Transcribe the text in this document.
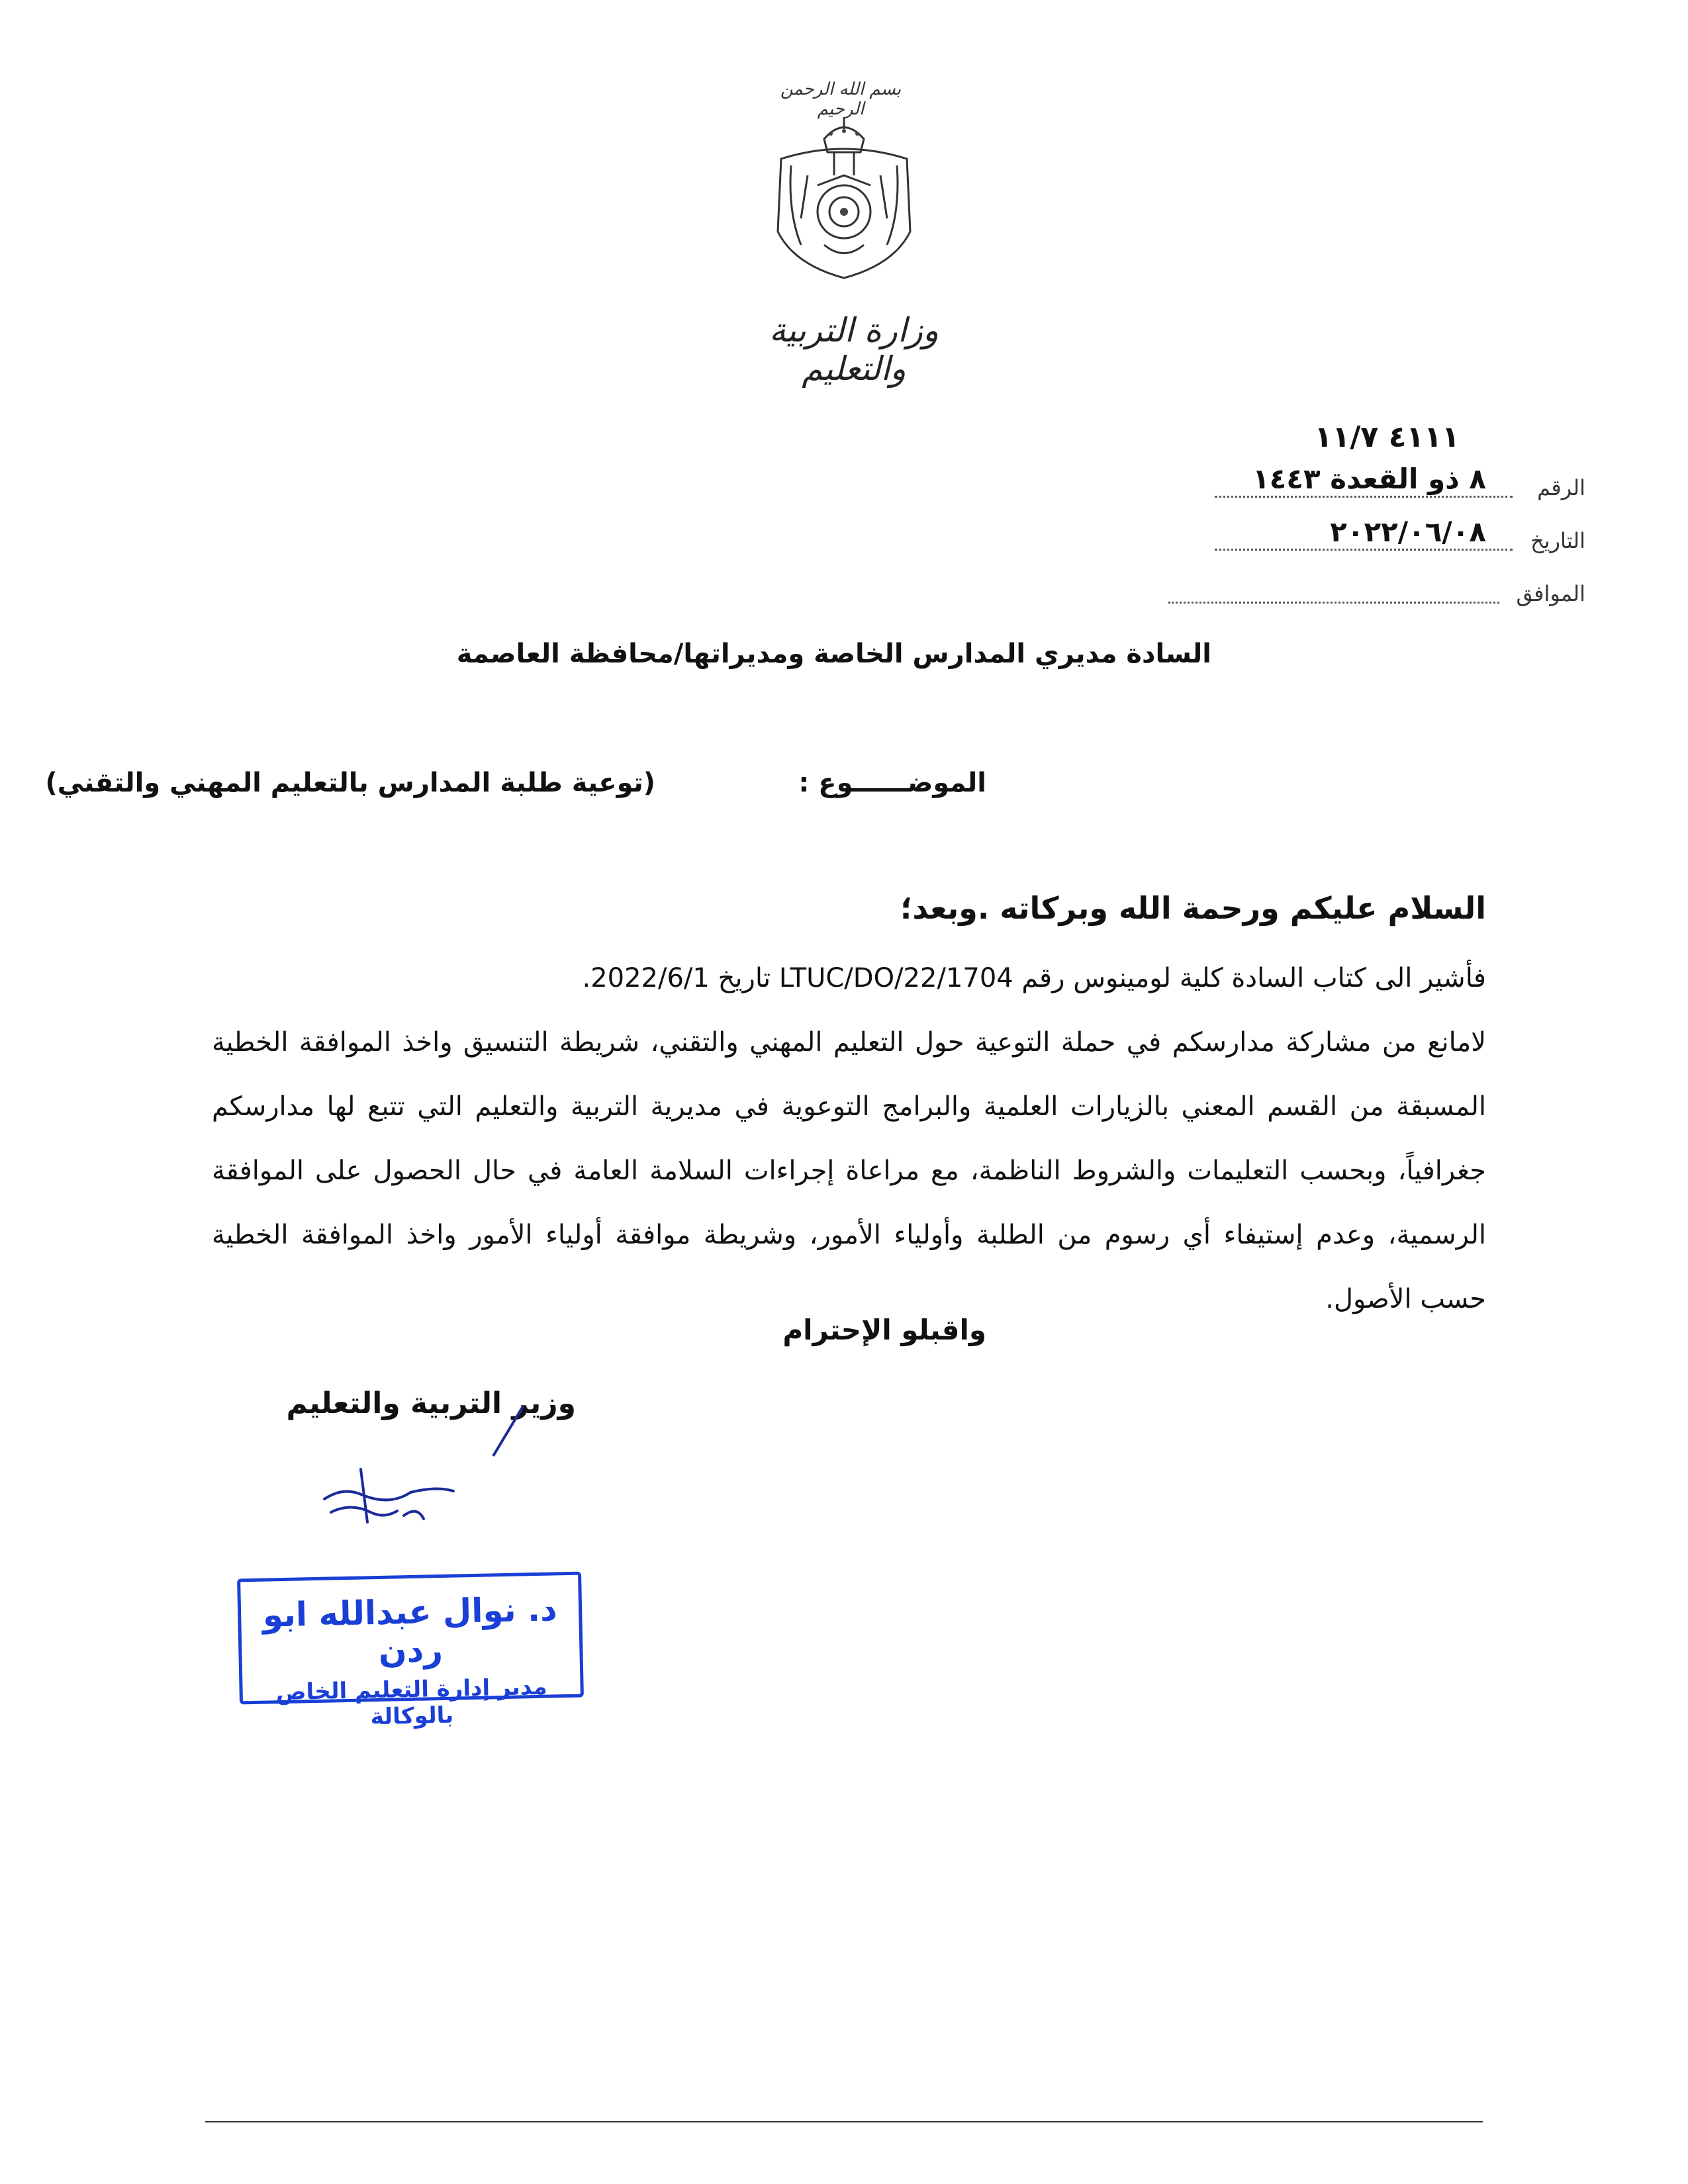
بسم الله الرحمن الرحيم
وزارة التربية والتعليم
٤١١١ ١١/٧
الرقم
٨ ذو القعدة ١٤٤٣
التاريخ
٢٠٢٢/٠٦/٠٨
الموافق
السادة مديري المدارس الخاصة ومديراتها/محافظة العاصمة
الموضــــــوع :
(توعية طلبة المدارس بالتعليم المهني والتقني)
السلام عليكم ورحمة الله وبركاته .وبعد؛

فأشير الى كتاب السادة كلية لومينوس رقم LTUC/DO/22/1704 تاريخ 2022/6/1.

لامانع من مشاركة مدارسكم في حملة التوعية حول التعليم المهني والتقني، شريطة التنسيق واخذ الموافقة الخطية المسبقة من القسم المعني بالزيارات العلمية والبرامج التوعوية في مديرية التربية والتعليم التي تتبع لها مدارسكم جغرافياً، وبحسب التعليمات والشروط الناظمة، مع مراعاة إجراءات السلامة العامة في حال الحصول على الموافقة الرسمية، وعدم إستيفاء أي رسوم من الطلبة وأولياء الأمور، وشريطة موافقة أولياء الأمور واخذ الموافقة الخطية حسب الأصول.

واقبلو الإحترام
وزير التربية والتعليم
د. نوال عبدالله ابو ردن
مدير إدارة التعليم الخاص بالوكالة
